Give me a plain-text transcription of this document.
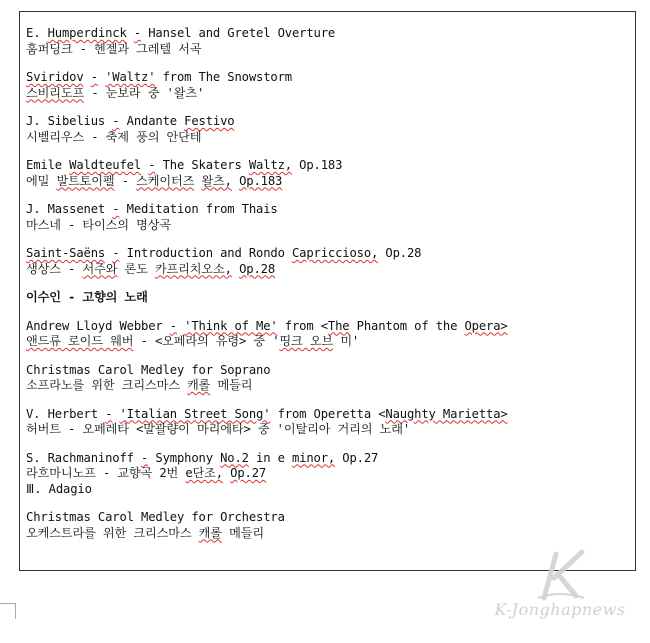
E. Humperdinck - Hansel and Gretel Overture
훔퍼딩크 - 헨젤과 그레텔 서곡
Sviridov - 'Waltz' from The Snowstorm
스비리도프 - 눈보라 중 '왈츠'
J. Sibelius - Andante Festivo
시벨리우스 - 축제 풍의 안단테
Emile Waldteufel - The Skaters Waltz, Op.183
에밀 발트토이펠 - 스케이터즈 왈츠, Op.183
J. Massenet - Meditation from Thais
마스네 - 타이스의 명상곡
Saint-Saëns - Introduction and Rondo Capriccioso, Op.28
생상스 - 서주와 론도 카프리치오소, Op.28
이수인 - 고향의 노래
Andrew Lloyd Webber - 'Think of Me' from <The Phantom of the Opera>
앤드류 로이드 웨버 - <오페라의 유령> 중 '띵크 오브 미'
Christmas Carol Medley for Soprano
소프라노를 위한 크리스마스 캐롤 메들리
V. Herbert - 'Italian Street Song' from Operetta <Naughty Marietta>
허버트 - 오페레타 <말괄량이 마리에타> 중 '이탈리아 거리의 노래'
S. Rachmaninoff - Symphony No.2 in e minor, Op.27
라흐마니노프 - 교향곡 2번 e단조, Op.27
Ⅲ. Adagio
Christmas Carol Medley for Orchestra
오케스트라를 위한 크리스마스 캐롤 메들리
K-Jonghapnews
